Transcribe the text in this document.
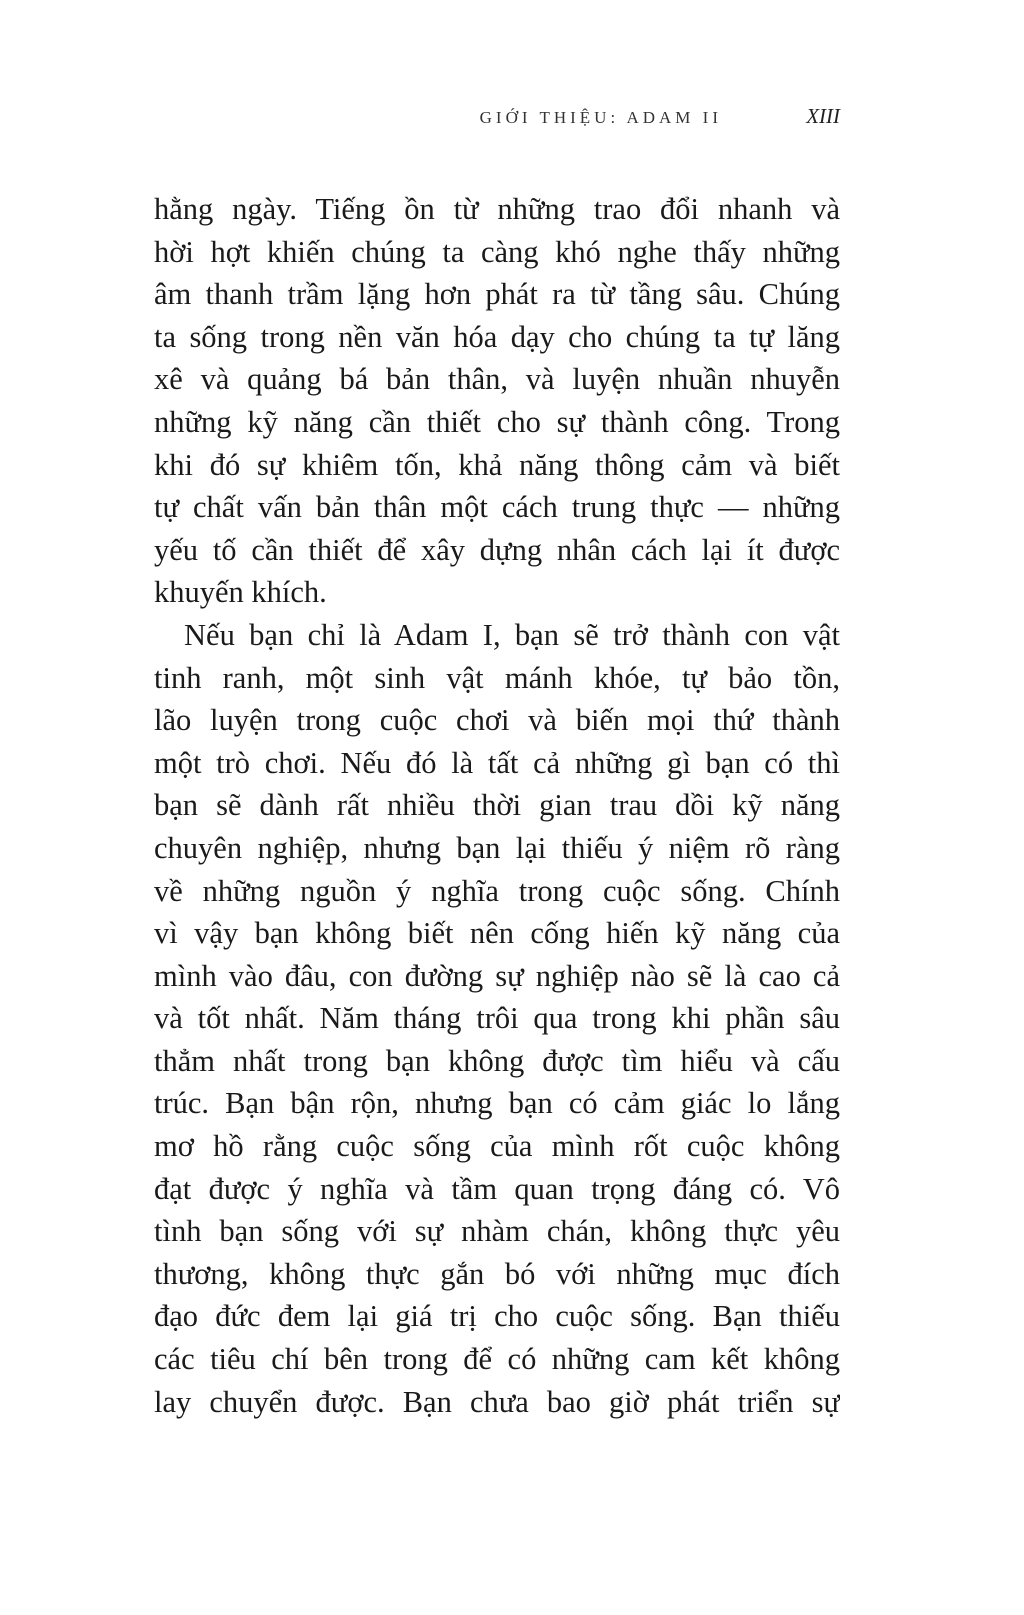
GIỚI THIỆU: ADAM II	XIII
hằng ngày. Tiếng ồn từ những trao đổi nhanh và
hời hợt khiến chúng ta càng khó nghe thấy những
âm thanh trầm lặng hơn phát ra từ tầng sâu. Chúng
ta sống trong nền văn hóa dạy cho chúng ta tự lăng
xê và quảng bá bản thân, và luyện nhuần nhuyễn
những kỹ năng cần thiết cho sự thành công. Trong
khi đó sự khiêm tốn, khả năng thông cảm và biết
tự chất vấn bản thân một cách trung thực — những
yếu tố cần thiết để xây dựng nhân cách lại ít được
khuyến khích.
Nếu bạn chỉ là Adam I, bạn sẽ trở thành con vật
tinh ranh, một sinh vật mánh khóe, tự bảo tồn,
lão luyện trong cuộc chơi và biến mọi thứ thành
một trò chơi. Nếu đó là tất cả những gì bạn có thì
bạn sẽ dành rất nhiều thời gian trau dồi kỹ năng
chuyên nghiệp, nhưng bạn lại thiếu ý niệm rõ ràng
về những nguồn ý nghĩa trong cuộc sống. Chính
vì vậy bạn không biết nên cống hiến kỹ năng của
mình vào đâu, con đường sự nghiệp nào sẽ là cao cả
và tốt nhất. Năm tháng trôi qua trong khi phần sâu
thẳm nhất trong bạn không được tìm hiểu và cấu
trúc. Bạn bận rộn, nhưng bạn có cảm giác lo lắng
mơ hồ rằng cuộc sống của mình rốt cuộc không
đạt được ý nghĩa và tầm quan trọng đáng có. Vô
tình bạn sống với sự nhàm chán, không thực yêu
thương, không thực gắn bó với những mục đích
đạo đức đem lại giá trị cho cuộc sống. Bạn thiếu
các tiêu chí bên trong để có những cam kết không
lay chuyển được. Bạn chưa bao giờ phát triển sự
